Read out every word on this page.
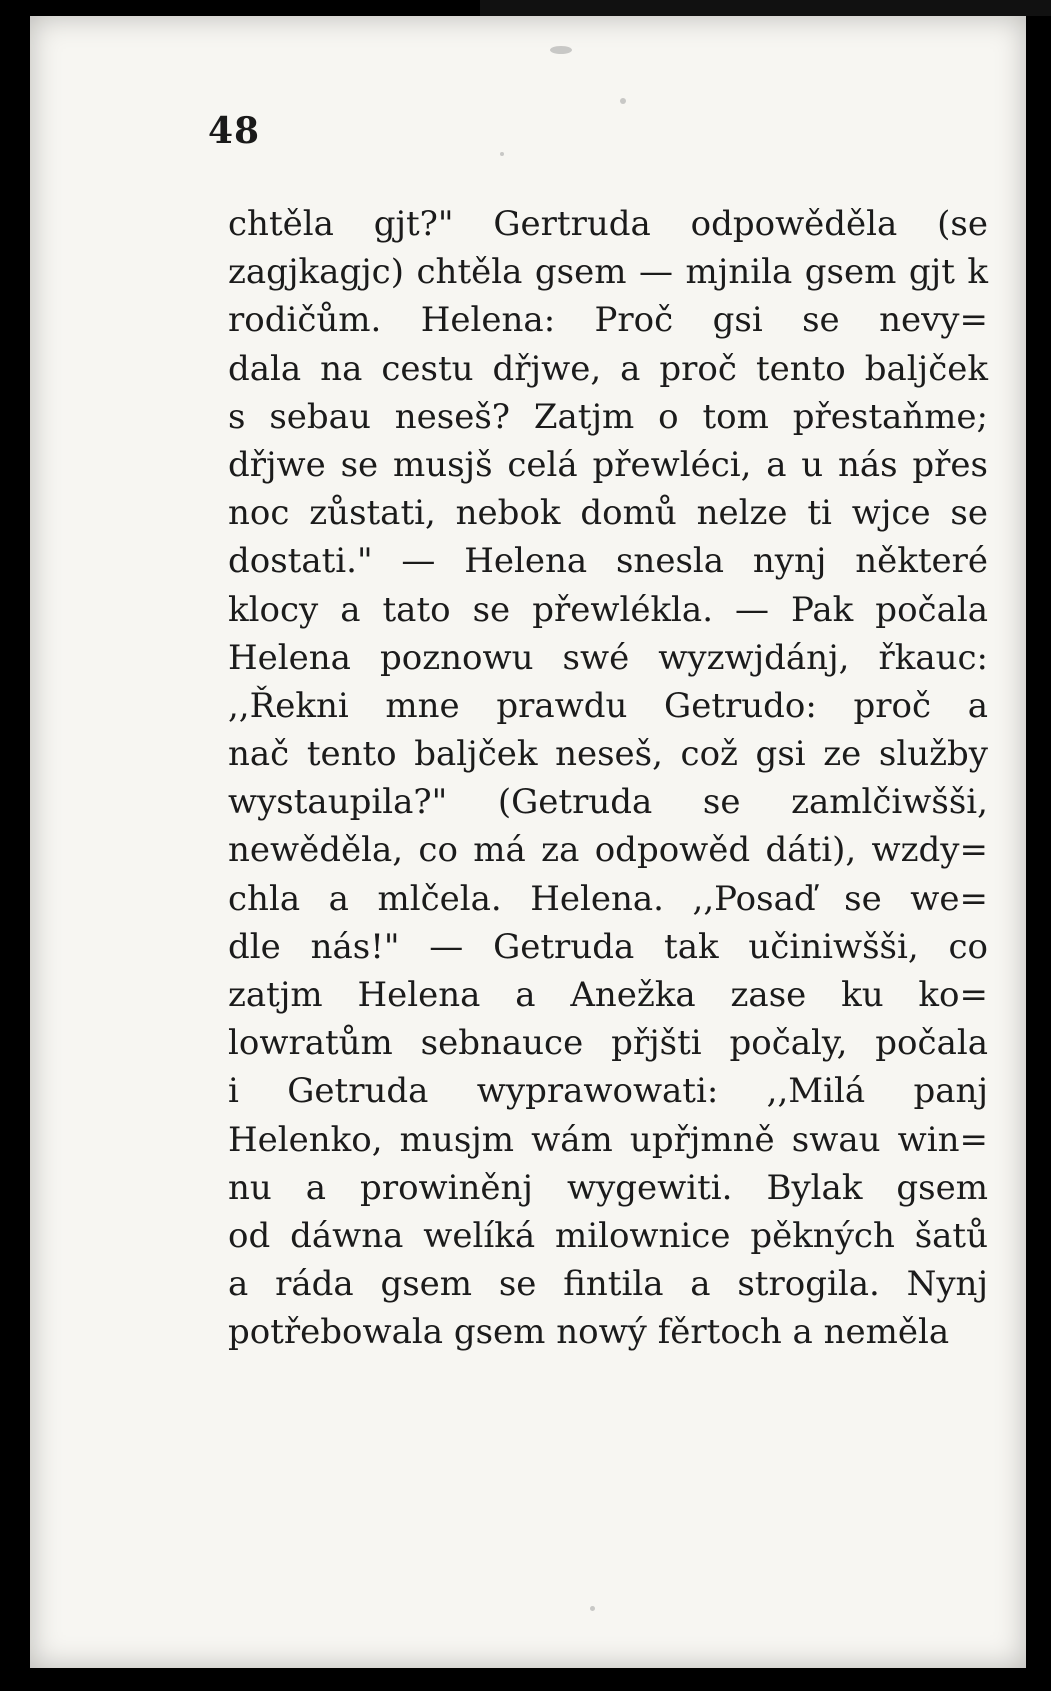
48
chtěla gjt?" Gertruda odpowěděla (se
zagjkagjc) chtěla gsem — mjnila gsem gjt k
rodičům. Helena: Proč gsi se nevy=
dala na cestu dřjwe, a proč tento baljček
s sebau neseš? Zatjm o tom přestaňme;
dřjwe se musjš celá přewléci, a u nás přes
noc zůstati, nebok domů nelze ti wjce se
dostati." — Helena snesla nynj některé
klocy a tato se přewlékla. — Pak počala
Helena poznowu swé wyzwjdánj, řkauc:
,,Řekni mne prawdu Getrudo: proč a
nač tento baljček neseš, což gsi ze služby
wystaupila?" (Getruda se zamlčiwšši,
newěděla, co má za odpowěd dáti), wzdy=
chla a mlčela. Helena. ,,Posaď se we=
dle nás!" — Getruda tak učiniwšši, co
zatjm Helena a Anežka zase ku ko=
lowratům sebnauce přjšti počaly, počala
i Getruda wyprawowati: ,,Milá panj
Helenko, musjm wám upřjmně swau win=
nu a prowiněnj wygewiti. Bylak gsem
od dáwna welíká milownice pěkných šatů
a ráda gsem se fintila a strogila. Nynj
potřebowala gsem nowý fěrtoch a neměla
